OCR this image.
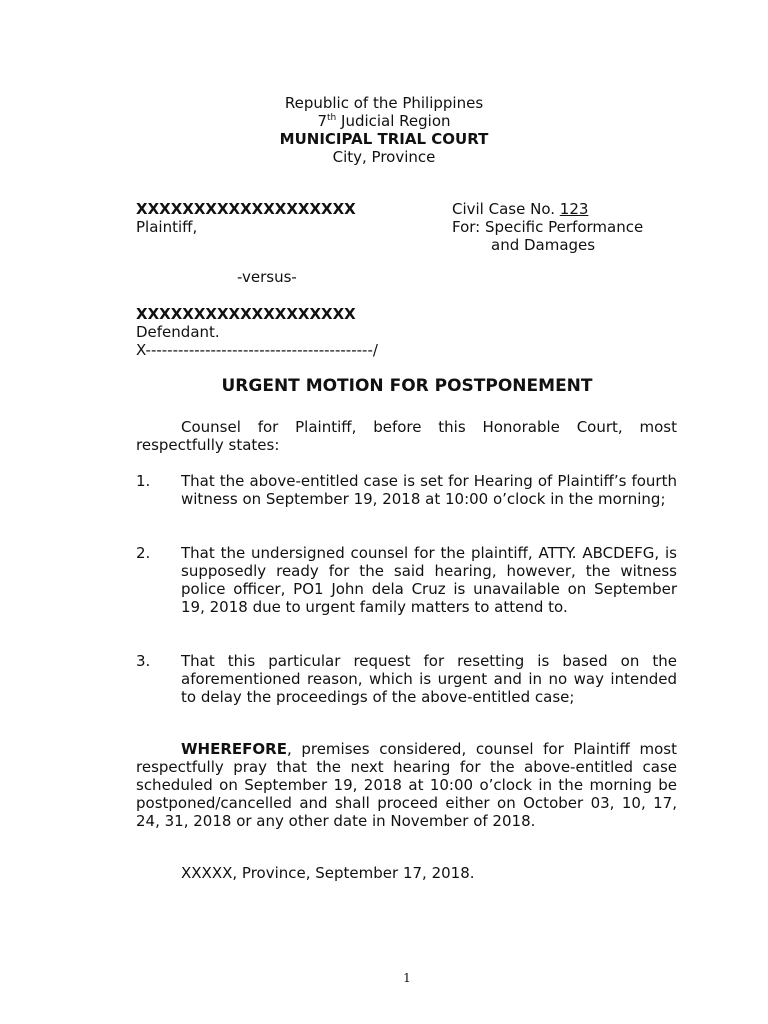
Republic of the Philippines
7th Judicial Region
MUNICIPAL TRIAL COURT
City, Province
XXXXXXXXXXXXXXXXXXX
Plaintiff,
Civil Case No. 123
For: Specific Performance
and Damages
-versus-
XXXXXXXXXXXXXXXXXXX
Defendant.
X------------------------------------------/
URGENT MOTION FOR POSTPONEMENT
Counsel for Plaintiff, before this Honorable Court, most respectfully states:
1.	That the above-entitled case is set for Hearing of Plaintiff’s fourth witness on September 19, 2018 at 10:00 o’clock in the morning;
2.	That the undersigned counsel for the plaintiff, ATTY. ABCDEFG, is supposedly ready for the said hearing, however, the witness police officer, PO1 John dela Cruz is unavailable on September 19, 2018 due to urgent family matters to attend to.
3.	That this particular request for resetting is based on the aforementioned reason, which is urgent and in no way intended to delay the proceedings of the above-entitled case;
WHEREFORE, premises considered, counsel for Plaintiff most respectfully pray that the next hearing for the above-entitled case scheduled on September 19, 2018 at 10:00 o’clock in the morning be postponed/cancelled and shall proceed either on October 03, 10, 17, 24, 31, 2018 or any other date in November of 2018.
XXXXX, Province, September 17, 2018.
1
